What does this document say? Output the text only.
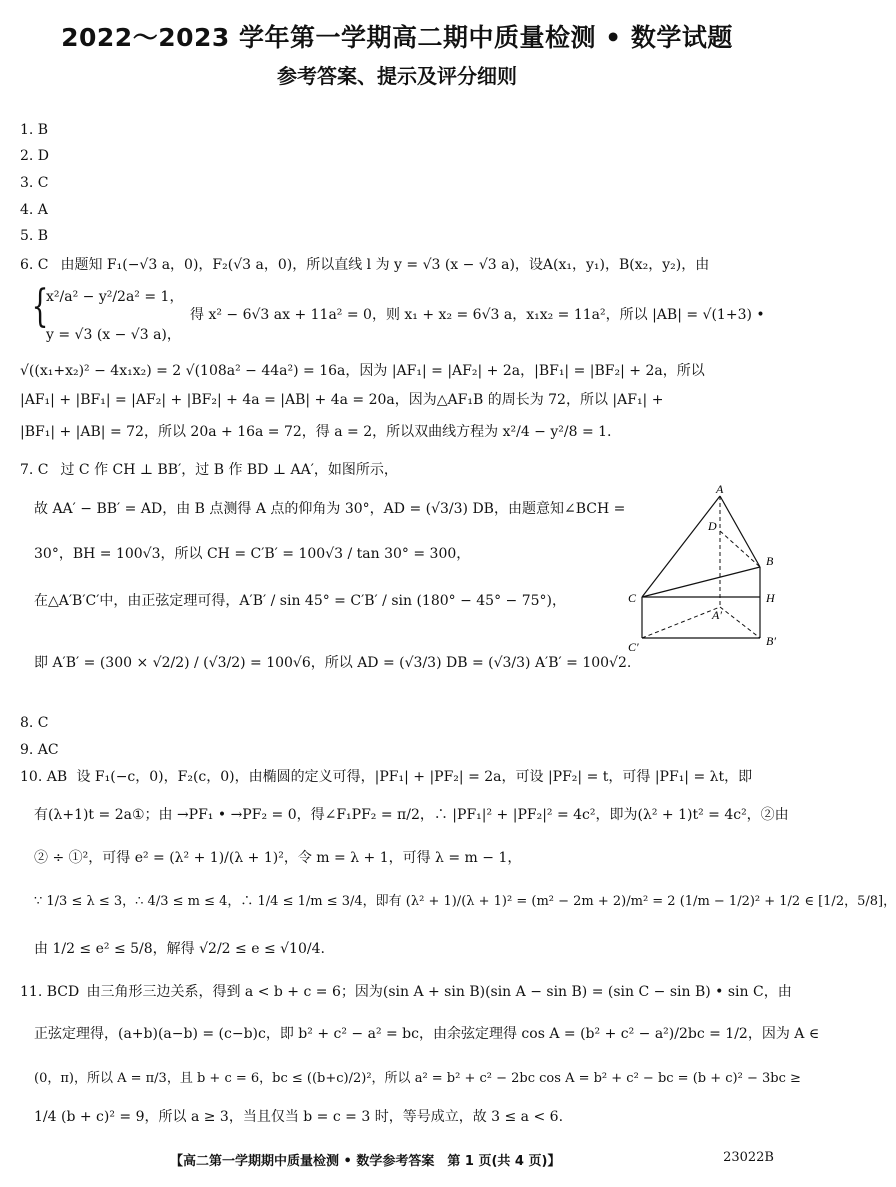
2022～2023 学年第一学期高二期中质量检测 • 数学试题
参考答案、提示及评分细则
1. B
2. D
3. C
4. A
5. B
6. C 由题知 F₁(−√3 a，0)，F₂(√3 a，0)，所以直线 l 为 y = √3 (x − √3 a)，设A(x₁，y₁)，B(x₂，y₂)，由
{
x²/a² − y²/2a² = 1，
得 x² − 6√3 ax + 11a² = 0，则 x₁ + x₂ = 6√3 a，x₁x₂ = 11a²，所以 |AB| = √(1+3) •
y = √3 (x − √3 a)，
√((x₁+x₂)² − 4x₁x₂) = 2 √(108a² − 44a²) = 16a，因为 |AF₁| = |AF₂| + 2a，|BF₁| = |BF₂| + 2a，所以
|AF₁| + |BF₁| = |AF₂| + |BF₂| + 4a = |AB| + 4a = 20a，因为△AF₁B 的周长为 72，所以 |AF₁| +
|BF₁| + |AB| = 72，所以 20a + 16a = 72，得 a = 2，所以双曲线方程为 x²/4 − y²/8 = 1.
7. C 过 C 作 CH ⊥ BB′，过 B 作 BD ⊥ AA′，如图所示，
故 AA′ − BB′ = AD，由 B 点测得 A 点的仰角为 30°，AD = (√3/3) DB，由题意知∠BCH =
30°，BH = 100√3，所以 CH = C′B′ = 100√3 / tan 30° = 300，
在△A′B′C′中，由正弦定理可得，A′B′ / sin 45° = C′B′ / sin (180° − 45° − 75°)，
即 A′B′ = (300 × √2/2) / (√3/2) = 100√6，所以 AD = (√3/3) DB = (√3/3) A′B′ = 100√2.
A
D
B
C	H
A′
C′	B′
8. C
9. AC
10. AB 设 F₁(−c，0)，F₂(c，0)，由椭圆的定义可得，|PF₁| + |PF₂| = 2a，可设 |PF₂| = t，可得 |PF₁| = λt，即
有(λ+1)t = 2a①；由 →PF₁ • →PF₂ = 0，得∠F₁PF₂ = π/2，∴ |PF₁|² + |PF₂|² = 4c²，即为(λ² + 1)t² = 4c²，②由
② ÷ ①²，可得 e² = (λ² + 1)/(λ + 1)²，令 m = λ + 1，可得 λ = m − 1，
∵ 1/3 ≤ λ ≤ 3，∴ 4/3 ≤ m ≤ 4，∴ 1/4 ≤ 1/m ≤ 3/4，即有 (λ² + 1)/(λ + 1)² = (m² − 2m + 2)/m² = 2 (1/m − 1/2)² + 1/2 ∈ [1/2，5/8]，
由 1/2 ≤ e² ≤ 5/8，解得 √2/2 ≤ e ≤ √10/4.
11. BCD 由三角形三边关系，得到 a < b + c = 6；因为(sin A + sin B)(sin A − sin B) = (sin C − sin B) • sin C，由
正弦定理得，(a+b)(a−b) = (c−b)c，即 b² + c² − a² = bc，由余弦定理得 cos A = (b² + c² − a²)/2bc = 1/2，因为 A ∈
(0，π)，所以 A = π/3，且 b + c = 6，bc ≤ ((b+c)/2)²，所以 a² = b² + c² − 2bc cos A = b² + c² − bc = (b + c)² − 3bc ≥
1/4 (b + c)² = 9，所以 a ≥ 3，当且仅当 b = c = 3 时，等号成立，故 3 ≤ a < 6.
【高二第一学期期中质量检测 • 数学参考答案　第 1 页(共 4 页)】	23022B
